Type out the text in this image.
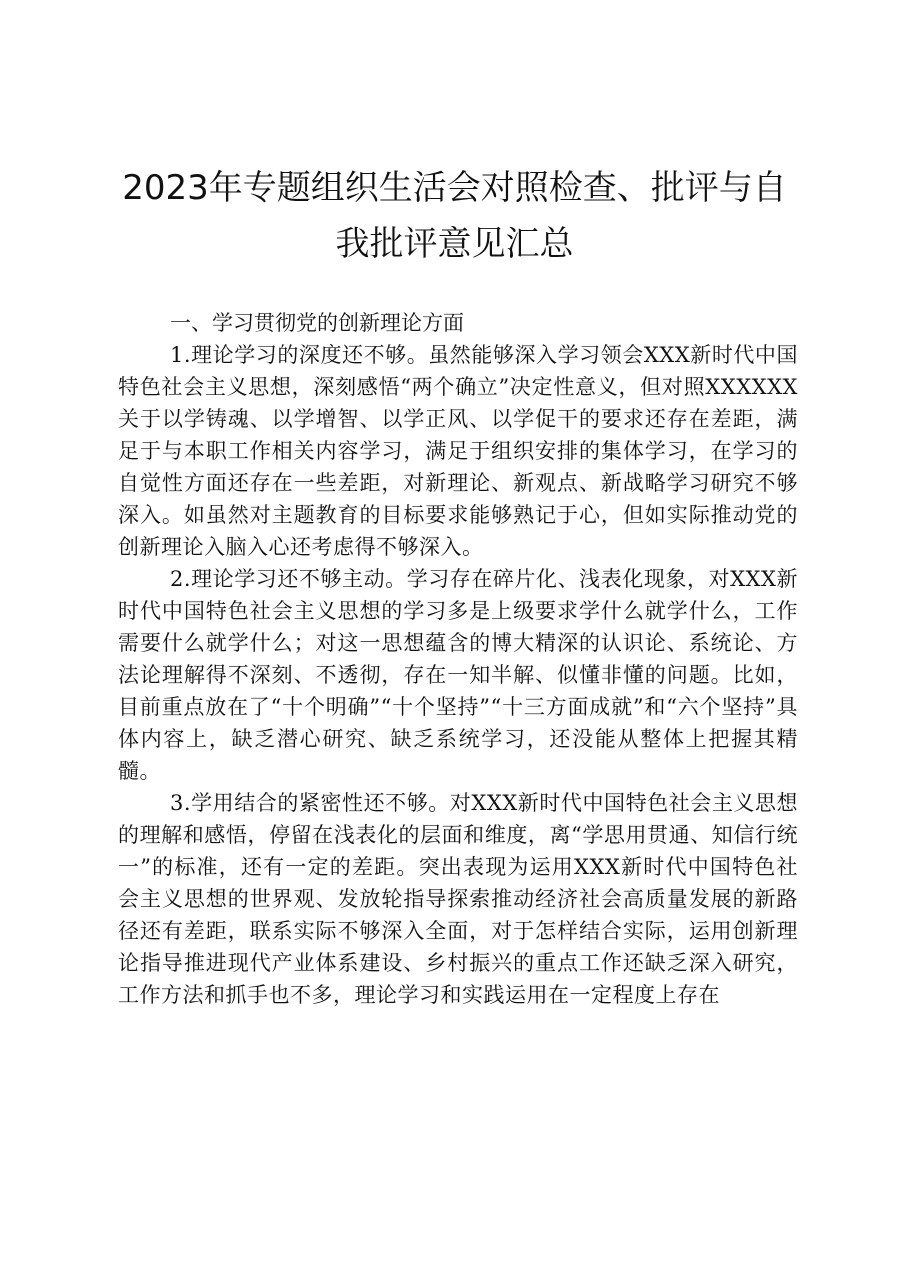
2023年专题组织生活会对照检查、批评与自我批评意见汇总

一、学习贯彻党的创新理论方面

1.理论学习的深度还不够。虽然能够深入学习领会XXX新时代中国特色社会主义思想，深刻感悟“两个确立”决定性意义，但对照XXXXXX关于以学铸魂、以学增智、以学正风、以学促干的要求还存在差距，满足于与本职工作相关内容学习，满足于组织安排的集体学习，在学习的自觉性方面还存在一些差距，对新理论、新观点、新战略学习研究不够深入。如虽然对主题教育的目标要求能够熟记于心，但如实际推动党的创新理论入脑入心还考虑得不够深入。

2.理论学习还不够主动。学习存在碎片化、浅表化现象，对XXX新时代中国特色社会主义思想的学习多是上级要求学什么就学什么，工作需要什么就学什么；对这一思想蕴含的博大精深的认识论、系统论、方法论理解得不深刻、不透彻，存在一知半解、似懂非懂的问题。比如，目前重点放在了“十个明确”“十个坚持”“十三方面成就”和“六个坚持”具体内容上，缺乏潜心研究、缺乏系统学习，还没能从整体上把握其精髓。

3.学用结合的紧密性还不够。对XXX新时代中国特色社会主义思想的理解和感悟，停留在浅表化的层面和维度，离“学思用贯通、知信行统一”的标准，还有一定的差距。突出表现为运用XXX新时代中国特色社会主义思想的世界观、发放轮指导探索推动经济社会高质量发展的新路径还有差距，联系实际不够深入全面，对于怎样结合实际，运用创新理论指导推进现代产业体系建设、乡村振兴的重点工作还缺乏深入研究，工作方法和抓手也不多，理论学习和实践运用在一定程度上存在
